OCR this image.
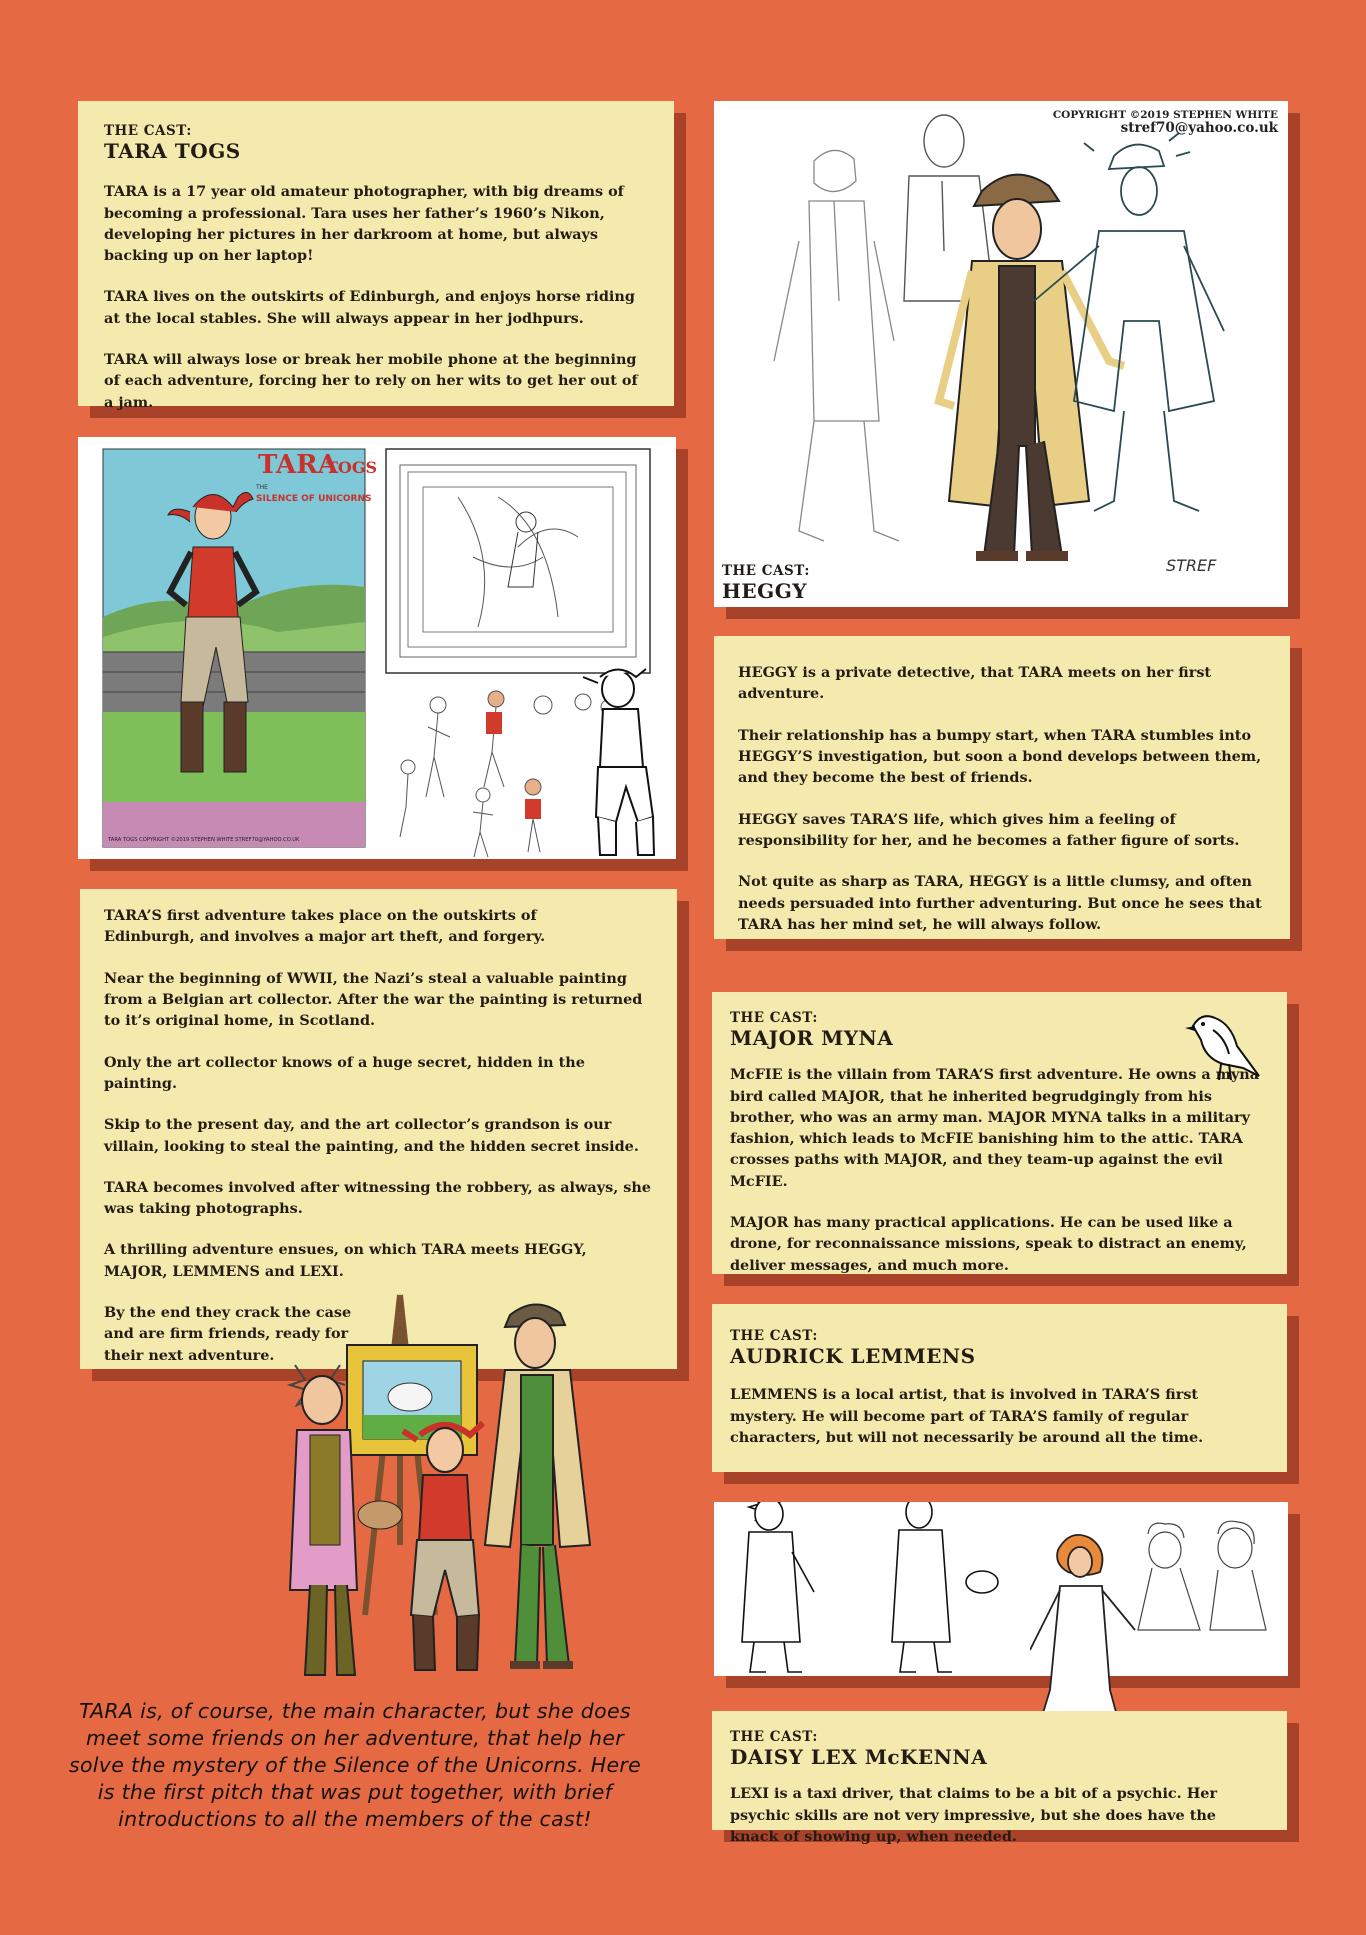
THE CAST:
TARA TOGS

TARA is a 17 year old amateur photographer, with big dreams of becoming a professional. Tara uses her father’s 1960’s Nikon, developing her pictures in her darkroom at home, but always backing up on her laptop!

TARA lives on the outskirts of Edinburgh, and enjoys horse riding at the local stables. She will always appear in her jodhpurs.

TARA will always lose or break her mobile phone at the beginning of each adventure, forcing her to rely on her wits to get her out of a jam.

TARA
TOGS
THE
SILENCE OF UNICORNS
TARA TOGS COPYRIGHT ©2019 STEPHEN WHITE STREF70@YAHOO.CO.UK

TARA’S first adventure takes place on the outskirts of Edinburgh, and involves a major art theft, and forgery.

Near the beginning of WWII, the Nazi’s steal a valuable painting from a Belgian art collector. After the war the painting is returned to it’s original home, in Scotland.

Only the art collector knows of a huge secret, hidden in the painting.

Skip to the present day, and the art collector’s grandson is our villain, looking to steal the painting, and the hidden secret inside.

TARA becomes involved after witnessing the robbery, as always, she was taking photographs.

A thrilling adventure ensues, on which TARA meets HEGGY, MAJOR, LEMMENS and LEXI.

By the end they crack the case and are firm friends, ready for their next adventure.

TARA is, of course, the main character, but she does meet some friends on her adventure, that help her solve the mystery of the Silence of the Unicorns. Here is the first pitch that was put together, with brief introductions to all the members of the cast!
COPYRIGHT ©2019 STEPHEN WHITE
stref70@yahoo.co.uk
STREF
THE CAST:
HEGGY

HEGGY is a private detective, that TARA meets on her first adventure.

Their relationship has a bumpy start, when TARA stumbles into HEGGY’S investigation, but soon a bond develops between them, and they become the best of friends.

HEGGY saves TARA’S life, which gives him a feeling of responsibility for her, and he becomes a father figure of sorts.

Not quite as sharp as TARA, HEGGY is a little clumsy, and often needs persuaded into further adventuring. But once he sees that TARA has her mind set, he will always follow.

THE CAST:
MAJOR MYNA

McFIE is the villain from TARA’S first adventure. He owns a myna bird called MAJOR, that he inherited begrudgingly from his brother, who was an army man. MAJOR MYNA talks in a military fashion, which leads to McFIE banishing him to the attic. TARA crosses paths with MAJOR, and they team-up against the evil McFIE.

MAJOR has many practical applications. He can be used like a drone, for reconnaissance missions, speak to distract an enemy, deliver messages, and much more.

THE CAST:
AUDRICK LEMMENS

LEMMENS is a local artist, that is involved in TARA’S first mystery. He will become part of TARA’S family of regular characters, but will not necessarily be around all the time.

THE CAST:
DAISY LEX McKENNA

LEXI is a taxi driver, that claims to be a bit of a psychic. Her psychic skills are not very impressive, but she does have the knack of showing up, when needed.
